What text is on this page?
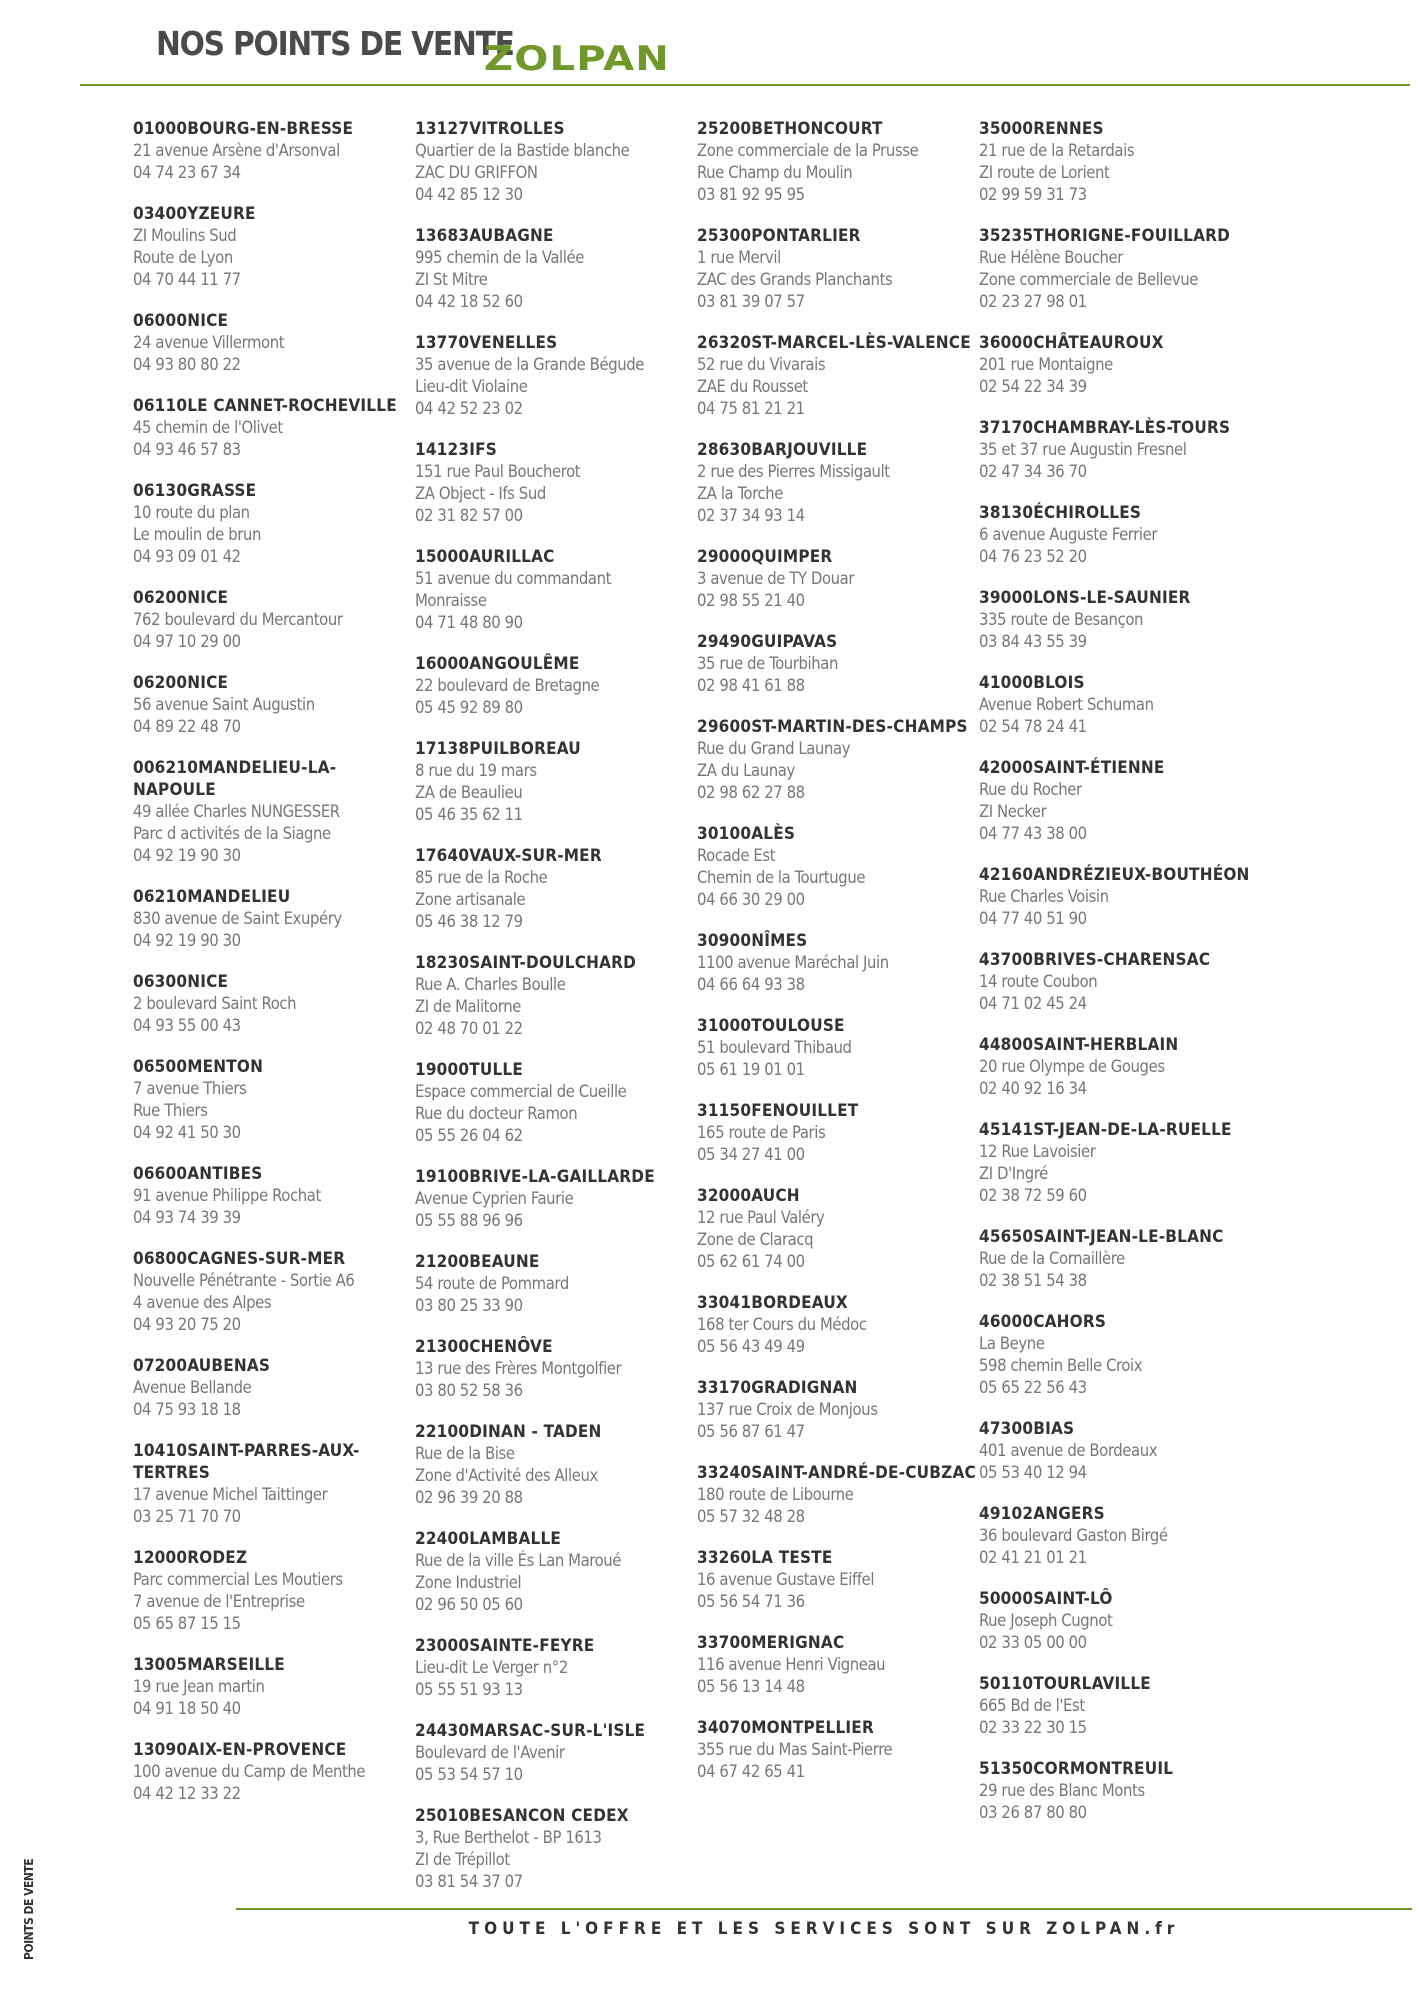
NOS POINTS DE VENTE
ZOLPAN
01000BOURG-EN-BRESSE
21 avenue Arsène d'Arsonval
04 74 23 67 34
03400YZEURE
ZI Moulins Sud
Route de Lyon
04 70 44 11 77
06000NICE
24 avenue Villermont
04 93 80 80 22
06110LE CANNET-ROCHEVILLE
45 chemin de l'Olivet
04 93 46 57 83
06130GRASSE
10 route du plan
Le moulin de brun
04 93 09 01 42
06200NICE
762 boulevard du Mercantour
04 97 10 29 00
06200NICE
56 avenue Saint Augustin
04 89 22 48 70
006210MANDELIEU-LA-NAPOULE
49 allée Charles NUNGESSER
Parc d activités de la Siagne
04 92 19 90 30
06210MANDELIEU
830 avenue de Saint Exupéry
04 92 19 90 30
06300NICE
2 boulevard Saint Roch
04 93 55 00 43
06500MENTON
7 avenue Thiers
Rue Thiers
04 92 41 50 30
06600ANTIBES
91 avenue Philippe Rochat
04 93 74 39 39
06800CAGNES-SUR-MER
Nouvelle Pénétrante - Sortie A6
4 avenue des Alpes
04 93 20 75 20
07200AUBENAS
Avenue Bellande
04 75 93 18 18
10410SAINT-PARRES-AUX-TERTRES
17 avenue Michel Taittinger
03 25 71 70 70
12000RODEZ
Parc commercial Les Moutiers
7 avenue de l'Entreprise
05 65 87 15 15
13005MARSEILLE
19 rue Jean martin
04 91 18 50 40
13090AIX-EN-PROVENCE
100 avenue du Camp de Menthe
04 42 12 33 22
13127VITROLLES
Quartier de la Bastide blanche
ZAC DU GRIFFON
04 42 85 12 30
13683AUBAGNE
995 chemin de la Vallée
ZI St Mitre
04 42 18 52 60
13770VENELLES
35 avenue de la Grande Bégude
Lieu-dit Violaine
04 42 52 23 02
14123IFS
151 rue Paul Boucherot
ZA Object - Ifs Sud
02 31 82 57 00
15000AURILLAC
51 avenue du commandant
Monraisse
04 71 48 80 90
16000ANGOULÊME
22 boulevard de Bretagne
05 45 92 89 80
17138PUILBOREAU
8 rue du 19 mars
ZA de Beaulieu
05 46 35 62 11
17640VAUX-SUR-MER
85 rue de la Roche
Zone artisanale
05 46 38 12 79
18230SAINT-DOULCHARD
Rue A. Charles Boulle
ZI de Malitorne
02 48 70 01 22
19000TULLE
Espace commercial de Cueille
Rue du docteur Ramon
05 55 26 04 62
19100BRIVE-LA-GAILLARDE
Avenue Cyprien Faurie
05 55 88 96 96
21200BEAUNE
54 route de Pommard
03 80 25 33 90
21300CHENÔVE
13 rue des Frères Montgolfier
03 80 52 58 36
22100DINAN - TADEN
Rue de la Bise
Zone d'Activité des Alleux
02 96 39 20 88
22400LAMBALLE
Rue de la ville És Lan Maroué
Zone Industriel
02 96 50 05 60
23000SAINTE-FEYRE
Lieu-dit Le Verger n°2
05 55 51 93 13
24430MARSAC-SUR-L'ISLE
Boulevard de l'Avenir
05 53 54 57 10
25010BESANCON CEDEX
3, Rue Berthelot - BP 1613
ZI de Trépillot
03 81 54 37 07
25200BETHONCOURT
Zone commerciale de la Prusse
Rue Champ du Moulin
03 81 92 95 95
25300PONTARLIER
1 rue Mervil
ZAC des Grands Planchants
03 81 39 07 57
26320ST-MARCEL-LÈS-VALENCE
52 rue du Vivarais
ZAE du Rousset
04 75 81 21 21
28630BARJOUVILLE
2 rue des Pierres Missigault
ZA la Torche
02 37 34 93 14
29000QUIMPER
3 avenue de TY Douar
02 98 55 21 40
29490GUIPAVAS
35 rue de Tourbihan
02 98 41 61 88
29600ST-MARTIN-DES-CHAMPS
Rue du Grand Launay
ZA du Launay
02 98 62 27 88
30100ALÈS
Rocade Est
Chemin de la Tourtugue
04 66 30 29 00
30900NÎMES
1100 avenue Maréchal Juin
04 66 64 93 38
31000TOULOUSE
51 boulevard Thibaud
05 61 19 01 01
31150FENOUILLET
165 route de Paris
05 34 27 41 00
32000AUCH
12 rue Paul Valéry
Zone de Claracq
05 62 61 74 00
33041BORDEAUX
168 ter Cours du Médoc
05 56 43 49 49
33170GRADIGNAN
137 rue Croix de Monjous
05 56 87 61 47
33240SAINT-ANDRÉ-DE-CUBZAC
180 route de Libourne
05 57 32 48 28
33260LA TESTE
16 avenue Gustave Eiffel
05 56 54 71 36
33700MERIGNAC
116 avenue Henri Vigneau
05 56 13 14 48
34070MONTPELLIER
355 rue du Mas Saint-Pierre
04 67 42 65 41
35000RENNES
21 rue de la Retardais
ZI route de Lorient
02 99 59 31 73
35235THORIGNE-FOUILLARD
Rue Hélène Boucher
Zone commerciale de Bellevue
02 23 27 98 01
36000CHÂTEAUROUX
201 rue Montaigne
02 54 22 34 39
37170CHAMBRAY-LÈS-TOURS
35 et 37 rue Augustin Fresnel
02 47 34 36 70
38130ÉCHIROLLES
6 avenue Auguste Ferrier
04 76 23 52 20
39000LONS-LE-SAUNIER
335 route de Besançon
03 84 43 55 39
41000BLOIS
Avenue Robert Schuman
02 54 78 24 41
42000SAINT-ÉTIENNE
Rue du Rocher
ZI Necker
04 77 43 38 00
42160ANDRÉZIEUX-BOUTHÉON
Rue Charles Voisin
04 77 40 51 90
43700BRIVES-CHARENSAC
14 route Coubon
04 71 02 45 24
44800SAINT-HERBLAIN
20 rue Olympe de Gouges
02 40 92 16 34
45141ST-JEAN-DE-LA-RUELLE
12 Rue Lavoisier
ZI D'Ingré
02 38 72 59 60
45650SAINT-JEAN-LE-BLANC
Rue de la Cornaillère
02 38 51 54 38
46000CAHORS
La Beyne
598 chemin Belle Croix
05 65 22 56 43
47300BIAS
401 avenue de Bordeaux
05 53 40 12 94
49102ANGERS
36 boulevard Gaston Birgé
02 41 21 01 21
50000SAINT-LÔ
Rue Joseph Cugnot
02 33 05 00 00
50110TOURLAVILLE
665 Bd de l'Est
02 33 22 30 15
51350CORMONTREUIL
29 rue des Blanc Monts
03 26 87 80 80
POINTS DE VENTE	TOUTE L'OFFRE ET LES SERVICES SONT SUR ZOLPAN.fr
